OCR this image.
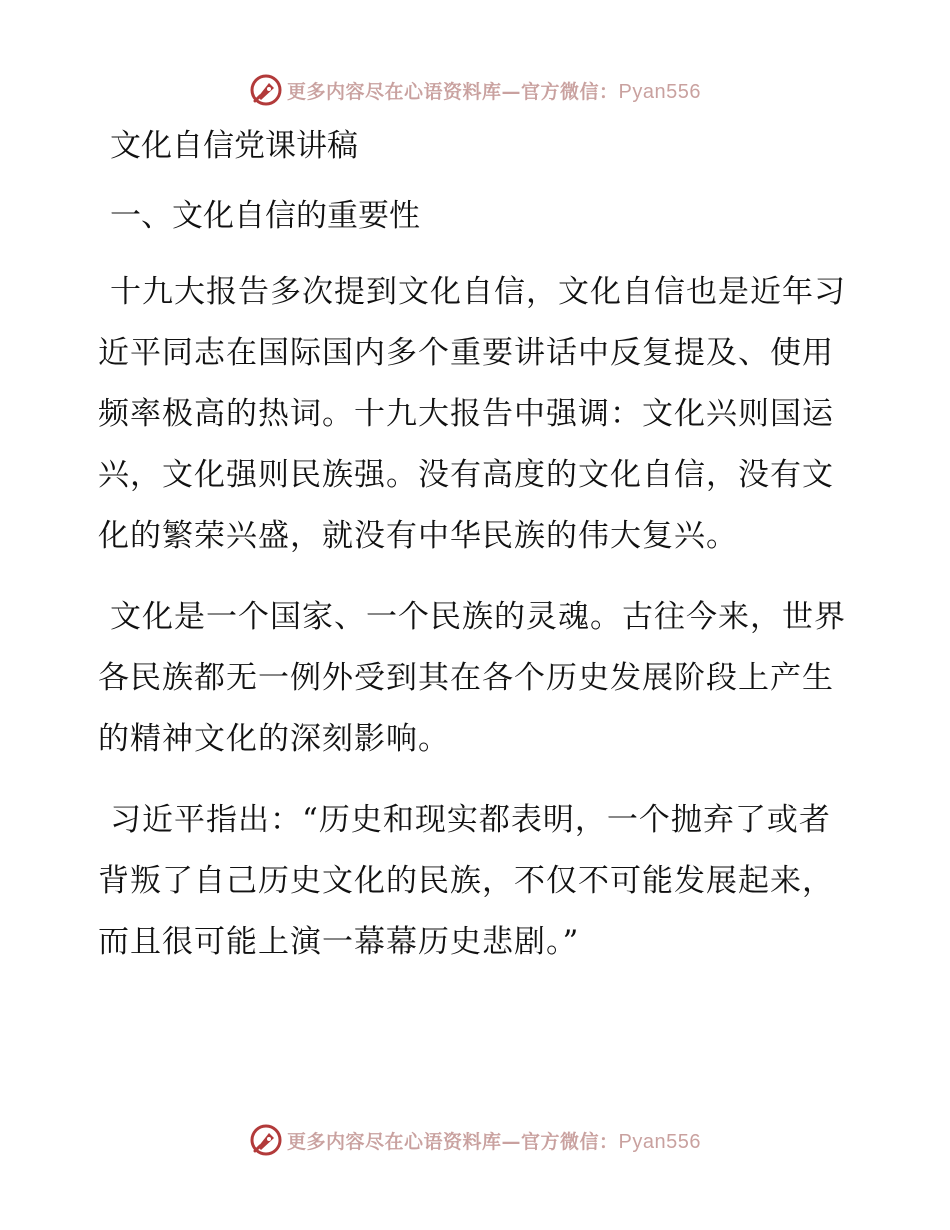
更多内容尽在心语资料库—官方微信：Pyan556
文化自信党课讲稿
一、文化自信的重要性

十九大报告多次提到文化自信，文化自信也是近年习近平同志在国际国内多个重要讲话中反复提及、使用频率极高的热词。十九大报告中强调：文化兴则国运兴，文化强则民族强。没有高度的文化自信，没有文化的繁荣兴盛，就没有中华民族的伟大复兴。

文化是一个国家、一个民族的灵魂。古往今来，世界各民族都无一例外受到其在各个历史发展阶段上产生的精神文化的深刻影响。

习近平指出：“历史和现实都表明，一个抛弃了或者背叛了自己历史文化的民族，不仅不可能发展起来，而且很可能上演一幕幕历史悲剧。”

更多内容尽在心语资料库—官方微信：Pyan556
